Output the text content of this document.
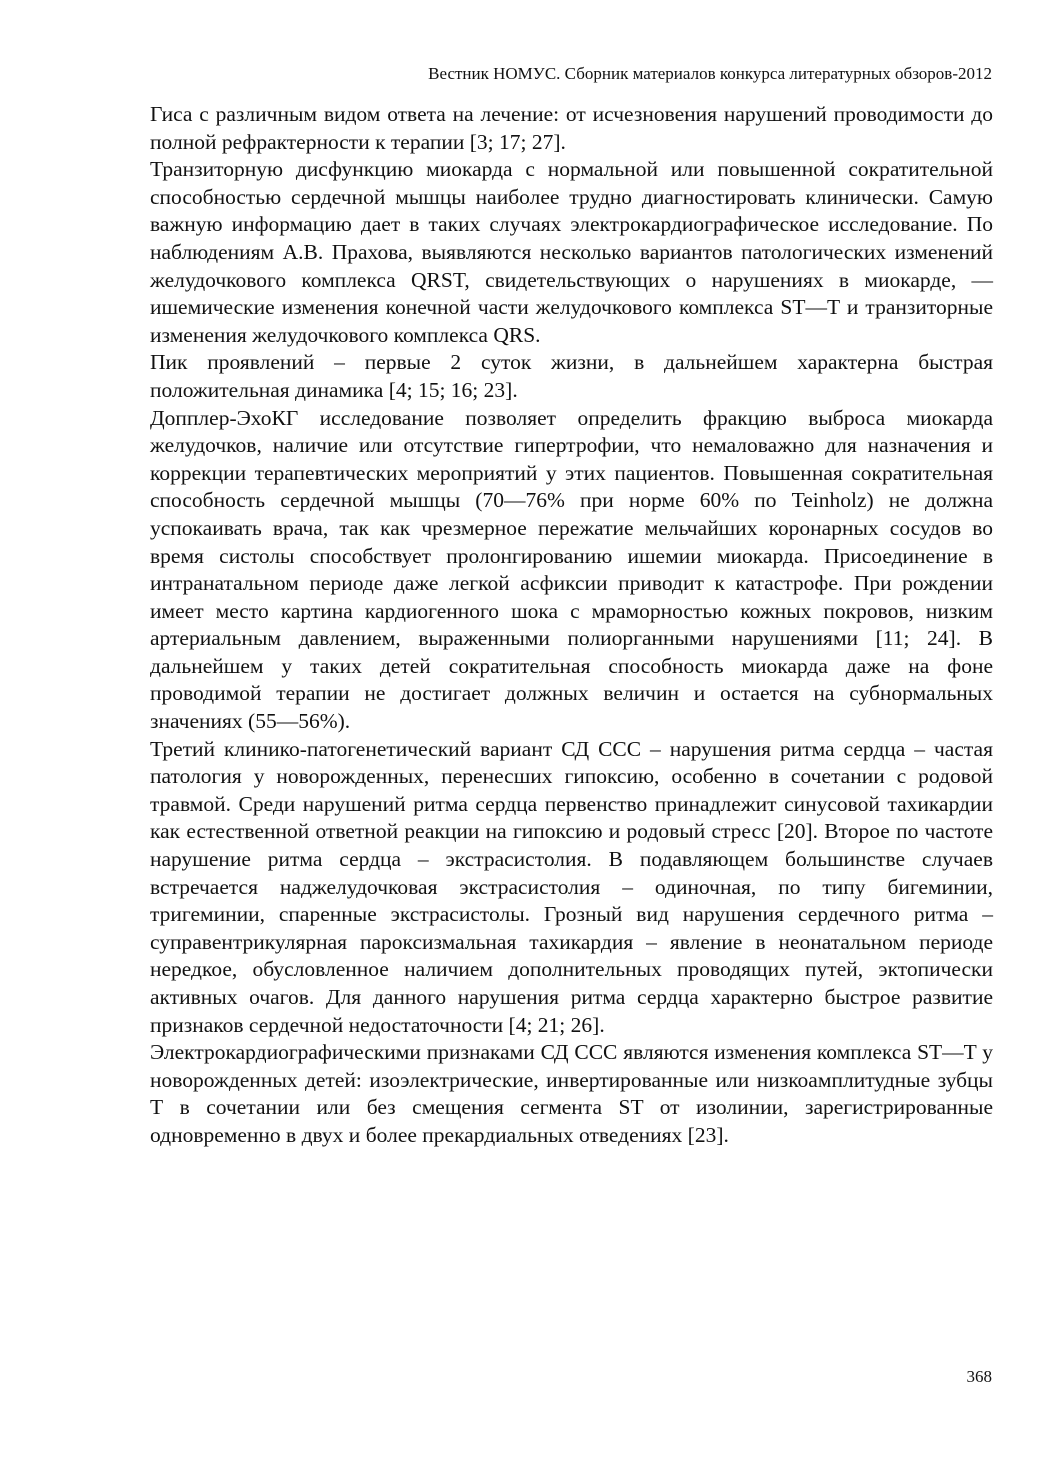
Вестник НОМУС. Сборник материалов конкурса литературных обзоров-2012

Гиса с различным видом ответа на лечение: от исчезновения нарушений проводимости до полной рефрактерности к терапии [3; 17; 27].

Транзиторную дисфункцию миокарда с нормальной или повышенной сократительной способностью сердечной мышцы наиболее трудно диагностировать клинически. Самую важную информацию дает в таких случаях электрокардиографическое исследование. По наблюдениям А.В. Прахова, выявляются несколько вариантов патологических изменений желудочкового комплекса QRST, свидетельствующих о нарушениях в миокарде, — ишемические изменения конечной части желудочкового комплекса ST—T и транзиторные изменения желудочкового комплекса QRS.

Пик проявлений – первые 2 суток жизни, в дальнейшем характерна быстрая положительная динамика [4; 15; 16; 23].

Допплер-ЭхоКГ исследование позволяет определить фракцию выброса миокарда желудочков, наличие или отсутствие гипертрофии, что немаловажно для назначения и коррекции терапевтических мероприятий у этих пациентов. Повышенная сократительная способность сердечной мышцы (70—76% при норме 60% по Teinholz) не должна успокаивать врача, так как чрезмерное пережатие мельчайших коронарных сосудов во время систолы способствует пролонгированию ишемии миокарда. Присоединение в интранатальном периоде даже легкой асфиксии приводит к катастрофе. При рождении имеет место картина кардиогенного шока с мраморностью кожных покровов, низким артериальным давлением, выраженными полиорганными нарушениями [11; 24]. В дальнейшем у таких детей сократительная способность миокарда даже на фоне проводимой терапии не достигает должных величин и остается на субнормальных значениях (55—56%).

Третий клинико-патогенетический вариант СД ССС – нарушения ритма сердца – частая патология у новорожденных, перенесших гипоксию, особенно в сочетании с родовой травмой. Среди нарушений ритма сердца первенство принадлежит синусовой тахикардии как естественной ответной реакции на гипоксию и родовый стресс [20]. Второе по частоте нарушение ритма сердца – экстрасистолия. В подавляющем большинстве случаев встречается наджелудочковая экстрасистолия – одиночная, по типу бигеминии, тригеминии, спаренные экстрасистолы. Грозный вид нарушения сердечного ритма – суправентрикулярная пароксизмальная тахикардия – явление в неонатальном периоде нередкое, обусловленное наличием дополнительных проводящих путей, эктопически активных очагов. Для данного нарушения ритма сердца характерно быстрое развитие признаков сердечной недостаточности [4; 21; 26].

Электрокардиографическими признаками СД ССС являются изменения комплекса ST—T у новорожденных детей: изоэлектрические, инвертированные или низкоамплитудные зубцы Т в сочетании или без смещения сегмента ST от изолинии, зарегистрированные одновременно в двух и более прекардиальных отведениях [23].

368
